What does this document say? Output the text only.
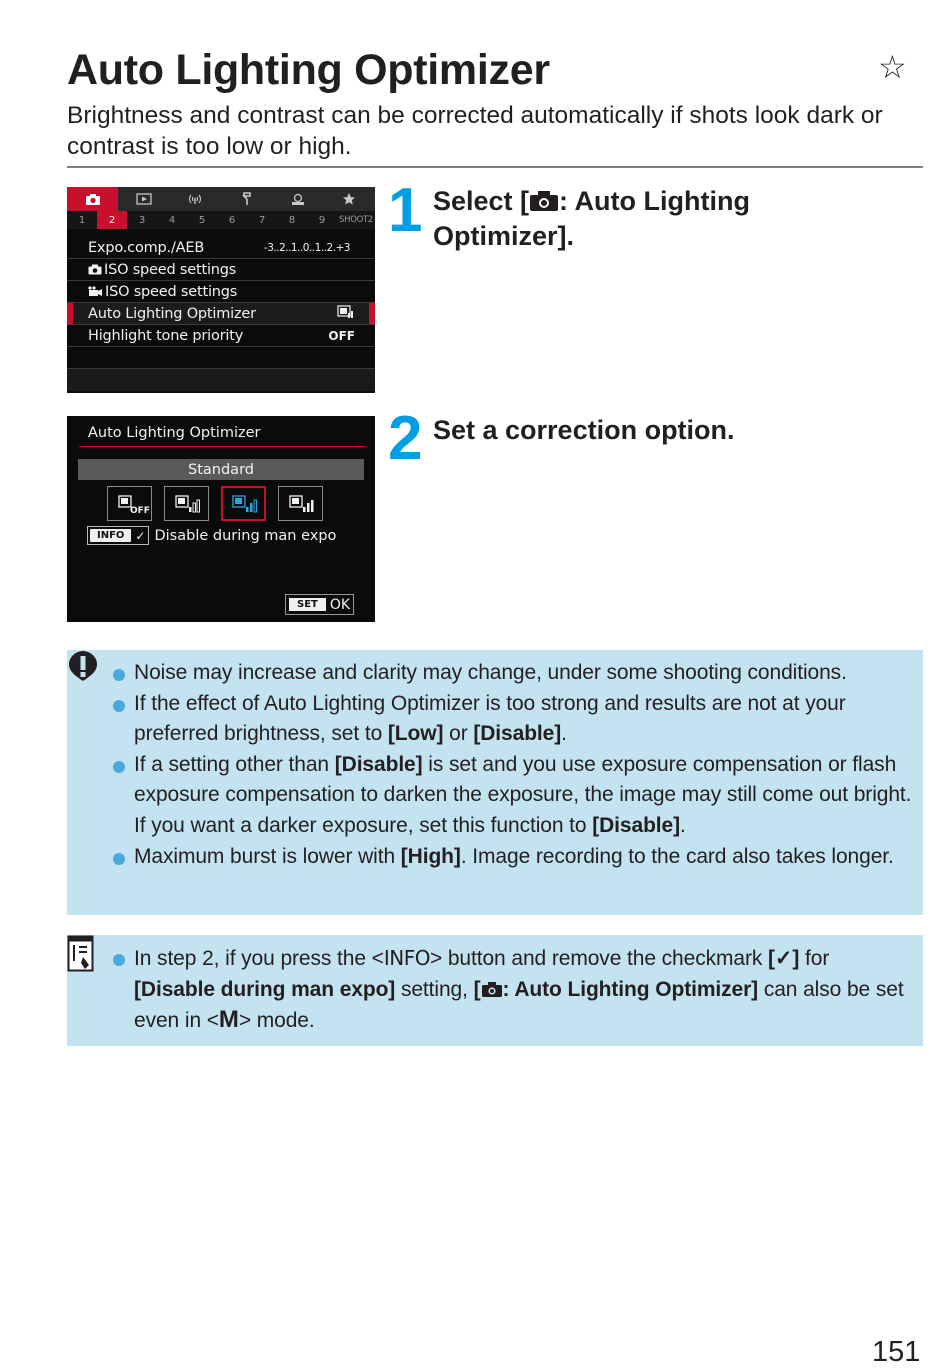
Auto Lighting Optimizer	☆
Brightness and contrast can be corrected automatically if shots look dark or contrast is too low or high.
1	2	3	4	5	6	7	8	9	SHOOT2
Expo.comp./AEB	-3..2..1..0..1..2.+3
ISO speed settings
ISO speed settings
Auto Lighting Optimizer
Highlight tone priority	OFF
Auto Lighting Optimizer
Standard
OFF
INFO ✓ Disable during man expo
SET OK
1 Select [ : Auto Lighting Optimizer].
2 Set a correction option.
Noise may increase and clarity may change, under some shooting conditions.
If the effect of Auto Lighting Optimizer is too strong and results are not at your preferred brightness, set to [Low] or [Disable].
If a setting other than [Disable] is set and you use exposure compensation or flash exposure compensation to darken the exposure, the image may still come out bright. If you want a darker exposure, set this function to [Disable].
Maximum burst is lower with [High]. Image recording to the card also takes longer.
In step 2, if you press the <INFO> button and remove the checkmark [✓] for [Disable during man expo] setting, [ : Auto Lighting Optimizer] can also be set even in <M> mode.
151
